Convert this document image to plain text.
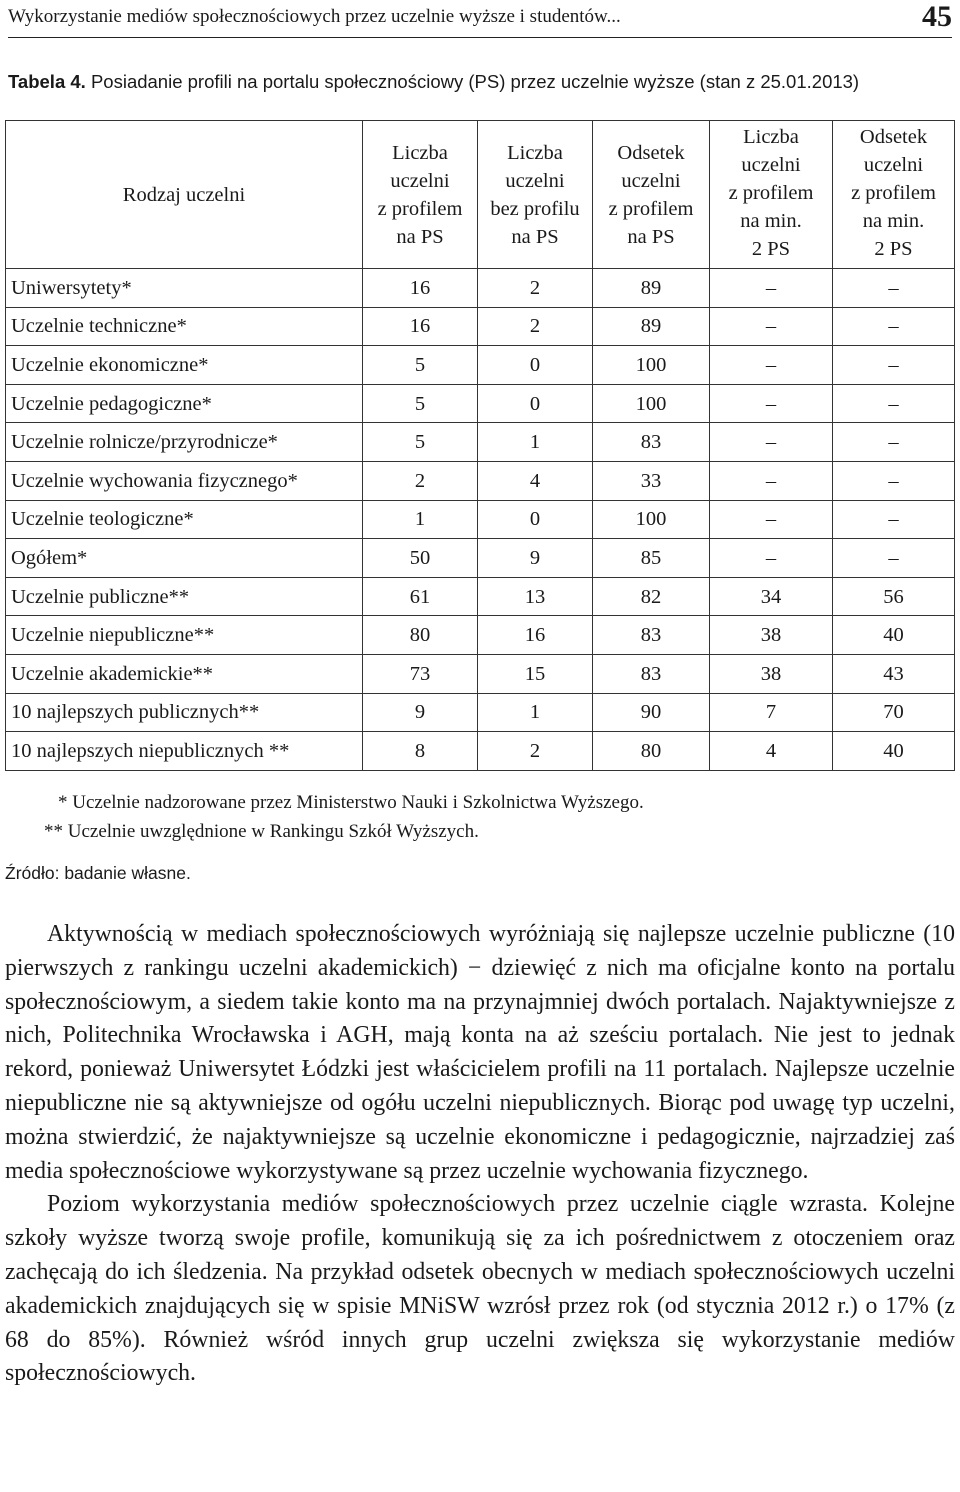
Wykorzystanie mediów społecznościowych przez uczelnie wyższe i studentów...	45
Tabela 4. Posiadanie profili na portalu społecznościowy (PS) przez uczelnie wyższe (stan z 25.01.2013)
Rodzaj uczelni	Liczba
uczelni
z profilem
na PS	Liczba
uczelni
bez profilu
na PS	Odsetek
uczelni
z profilem
na PS	Liczba
uczelni
z profilem
na min.
2 PS	Odsetek
uczelni
z profilem
na min.
2 PS
Uniwersytety*	16	2	89	–	–
Uczelnie techniczne*	16	2	89	–	–
Uczelnie ekonomiczne*	5	0	100	–	–
Uczelnie pedagogiczne*	5	0	100	–	–
Uczelnie rolnicze/przyrodnicze*	5	1	83	–	–
Uczelnie wychowania fizycznego*	2	4	33	–	–
Uczelnie teologiczne*	1	0	100	–	–
Ogółem*	50	9	85	–	–
Uczelnie publiczne**	61	13	82	34	56
Uczelnie niepubliczne**	80	16	83	38	40
Uczelnie akademickie**	73	15	83	38	43
10 najlepszych publicznych**	9	1	90	7	70
10 najlepszych niepublicznych **	8	2	80	4	40
* Uczelnie nadzorowane przez Ministerstwo Nauki i Szkolnictwa Wyższego.
** Uczelnie uwzględnione w Rankingu Szkół Wyższych.
Źródło: badanie własne.

Aktywnością w mediach społecznościowych wyróżniają się najlepsze uczelnie publiczne (10 pierwszych z rankingu uczelni akademickich) − dziewięć z nich ma oficjalne konto na portalu społecznościowym, a siedem takie konto ma na przynajmniej dwóch portalach. Najaktywniejsze z nich, Politechnika Wrocławska i AGH, mają konta na aż sześciu portalach. Nie jest to jednak rekord, ponieważ Uniwersytet Łódzki jest właścicielem profili na 11 portalach. Najlepsze uczelnie niepubliczne nie są aktywniejsze od ogółu uczelni niepublicznych. Biorąc pod uwagę typ uczelni, można stwierdzić, że najaktywniejsze są uczelnie ekonomiczne i pedagogicznie, najrzadziej zaś media społecznościowe wykorzystywane są przez uczelnie wychowania fizycznego.

Poziom wykorzystania mediów społecznościowych przez uczelnie ciągle wzrasta. Kolejne szkoły wyższe tworzą swoje profile, komunikują się za ich pośrednictwem z otoczeniem oraz zachęcają do ich śledzenia. Na przykład odsetek obecnych w mediach społecznościowych uczelni akademickich znajdujących się w spisie MNiSW wzrósł przez rok (od stycznia 2012 r.) o 17% (z 68 do 85%). Również wśród innych grup uczelni zwiększa się wykorzystanie mediów społecznościowych.
